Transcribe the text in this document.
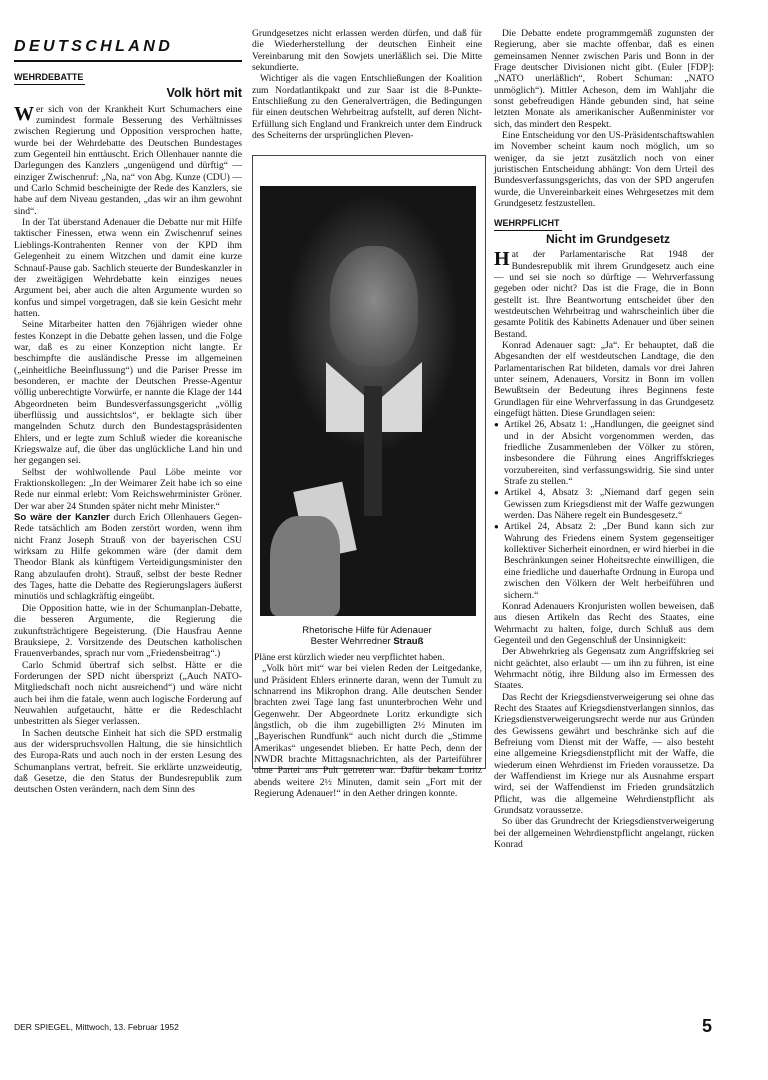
DEUTSCHLAND
WEHRDEBATTE
Volk hört mit

Wer sich von der Krankheit Kurt Schumachers eine zumindest formale Besserung des Verhältnisses zwischen Regierung und Opposition versprochen hatte, wurde bei der Wehrdebatte des Deutschen Bundestages zum Gegenteil hin enttäuscht. Erich Ollenhauer nannte die Darlegungen des Kanzlers „ungenügend und dürftig“ — einziger Zwischenruf: „Na, na“ von Abg. Kunze (CDU) — und Carlo Schmid bescheinigte der Rede des Kanzlers, sie habe auf dem Niveau gestanden, „das wir an ihm gewohnt sind“.

In der Tat überstand Adenauer die Debatte nur mit Hilfe taktischer Finessen, etwa wenn ein Zwischenruf seines Lieblings-Kontrahenten Renner von der KPD ihm Gelegenheit zu einem Witzchen und damit eine kurze Schnauf-Pause gab. Sachlich steuerte der Bundeskanzler in der zweitägigen Wehrdebatte kein einziges neues Argument bei, aber auch die alten Argumente wurden so konfus und simpel vorgetragen, daß sie kein Gesicht mehr hatten.

Seine Mitarbeiter hatten den 76jährigen wieder ohne festes Konzept in die Debatte gehen lassen, und die Folge war, daß es zu einer Konzeption nicht langte. Er beschimpfte die ausländische Presse im allgemeinen („einheitliche Beeinflussung“) und die Pariser Presse im besonderen, er machte der Deutschen Presse-Agentur völlig unberechtigte Vorwürfe, er nannte die Klage der 144 Abgeordneten beim Bundesverfassungsgericht „völlig überflüssig und aussichtslos“, er beklagte sich über mangelnden Schutz durch den Bundestagspräsidenten Ehlers, und er legte zum Schluß wieder die koreanische Kriegswalze auf, die über das unglückliche Land hin und her gegangen sei.

Selbst der wohlwollende Paul Löbe meinte vor Fraktionskollegen: „In der Weimarer Zeit habe ich so eine Rede nur einmal erlebt: Vom Reichswehrminister Gröner. Der war aber 24 Stunden später nicht mehr Minister.“

So wäre der Kanzler durch Erich Ollenhauers Gegen-Rede tatsächlich am Boden zerstört worden, wenn ihm nicht Franz Joseph Strauß von der bayerischen CSU wirksam zu Hilfe gekommen wäre (der damit dem Theodor Blank als künftigem Verteidigungsminister den Rang abzulaufen droht). Strauß, selbst der beste Redner des Tages, hatte die Debatte des Regierungslagers äußerst minutiös und schlagkräftig eingeübt.

Die Opposition hatte, wie in der Schumanplan-Debatte, die besseren Argumente, die Regierung die zukunftsträchtigere Begeisterung. (Die Hausfrau Aenne Brauksiepe, 2. Vorsitzende des Deutschen katholischen Frauenverbandes, sprach nur vom „Friedensbeitrag“.)

Carlo Schmid übertraf sich selbst. Hätte er die Forderungen der SPD nicht übersprizt („Auch NATO-Mitgliedschaft noch nicht ausreichend“) und wäre nicht auch bei ihm die fatale, wenn auch logische Forderung auf Neuwahlen aufgetaucht, hätte er die Redeschlacht unbestritten als Sieger verlassen.

In Sachen deutsche Einheit hat sich die SPD erstmalig aus der widerspruchsvollen Haltung, die sie hinsichtlich des Europa-Rats und auch noch in der ersten Lesung des Schumanplans vertrat, befreit. Sie erklärte unzweideutig, daß Gesetze, die den Status der Bundesrepublik zum deutschen Osten verändern, nach dem Sinn des

Grundgesetzes nicht erlassen werden dürfen, und daß für die Wiederherstellung der deutschen Einheit eine Vereinbarung mit den Sowjets unerläßlich sei. Die Mitte sekundierte.

Wichtiger als die vagen Entschließungen der Koalition zum Nordatlantikpakt und zur Saar ist die 8-Punkte-Entschließung zu den Generalverträgen, die Bedingungen für einen deutschen Wehrbeitrag aufstellt, auf deren Nicht-Erfüllung sich England und Frankreich unter dem Eindruck des Scheiterns der ursprünglichen Pleven-

Rhetorische Hilfe für Adenauer
Bester Wehrredner Strauß

Pläne erst kürzlich wieder neu verpflichtet haben.

„Volk hört mit“ war bei vielen Reden der Leitgedanke, und Präsident Ehlers erinnerte daran, wenn der Tumult zu schnarrend ins Mikrophon drang. Alle deutschen Sender brachten zwei Tage lang fast ununterbrochen Wehr und Gegenwehr. Der Abgeordnete Loritz erkundigte sich ängstlich, ob die ihm zugebilligten 2½ Minuten im „Bayerischen Rundfunk“ auch nicht durch die „Stimme Amerikas“ ungesendet blieben. Er hatte Pech, denn der NWDR brachte Mittagsnachrichten, als der Parteiführer ohne Partei ans Pult getreten war. Dafür bekam Loritz abends weitere 2½ Minuten, damit sein „Fort mit der Regierung Adenauer!“ in den Aether dringen konnte.

Die Debatte endete programmgemäß zugunsten der Regierung, aber sie machte offenbar, daß es einen gemeinsamen Nenner zwischen Paris und Bonn in der Frage deutscher Divisionen nicht gibt. (Euler [FDP]: „NATO unerläßlich“, Robert Schuman: „NATO unmöglich“). Mittler Acheson, dem im Wahljahr die sonst gebefreudigen Hände gebunden sind, hat seine letzten Monate als amerikanischer Außenminister vor sich, das mindert den Respekt.

Eine Entscheidung vor den US-Präsidentschaftswahlen im November scheint kaum noch möglich, um so weniger, da sie jetzt zusätzlich noch von einer juristischen Entscheidung abhängt: Von dem Urteil des Bundesverfassungsgerichts, das von der SPD angerufen wurde, die Unvereinbarkeit eines Wehrgesetzes mit dem Grundgesetz festzustellen.

WEHRPFLICHT
Nicht im Grundgesetz

Hat der Parlamentarische Rat 1948 der Bundesrepublik mit ihrem Grundgesetz auch eine — und sei sie noch so dürftige — Wehrverfassung gegeben oder nicht? Das ist die Frage, die in Bonn gestellt ist. Ihre Beantwortung entscheidet über den westdeutschen Wehrbeitrag und wahrscheinlich über die gesamte Politik des Kabinetts Adenauer und über seinen Bestand.

Konrad Adenauer sagt: „Ja“. Er behauptet, daß die Abgesandten der elf westdeutschen Landtage, die den Parlamentarischen Rat bildeten, damals vor drei Jahren unter seinem, Adenauers, Vorsitz in Bonn im vollen Bewußtsein der Bedeutung ihres Beginnens feste Grundlagen für eine Wehrverfassung in das Grundgesetz eingefügt hätten. Diese Grundlagen seien:

● Artikel 26, Absatz 1: „Handlungen, die geeignet sind und in der Absicht vorgenommen werden, das friedliche Zusammenleben der Völker zu stören, insbesondere die Führung eines Angriffskrieges vorzubereiten, sind verfassungswidrig. Sie sind unter Strafe zu stellen.“

● Artikel 4, Absatz 3: „Niemand darf gegen sein Gewissen zum Kriegsdienst mit der Waffe gezwungen werden. Das Nähere regelt ein Bundesgesetz.“

● Artikel 24, Absatz 2: „Der Bund kann sich zur Wahrung des Friedens einem System gegenseitiger kollektiver Sicherheit einordnen, er wird hierbei in die Beschränkungen seiner Hoheitsrechte einwilligen, die eine friedliche und dauerhafte Ordnung in Europa und zwischen den Völkern der Welt herbeiführen und sichern.“

Konrad Adenauers Kronjuristen wollen beweisen, daß aus diesen Artikeln das Recht des Staates, eine Wehrmacht zu halten, folge, durch Schluß aus dem Gegenteil und den Gegenschluß der Unsinnigkeit:

Der Abwehrkrieg als Gegensatz zum Angriffskrieg sei nicht geächtet, also erlaubt — um ihn zu führen, ist eine Wehrmacht nötig, ihre Bildung also im Ermessen des Staates.

Das Recht der Kriegsdienstverweigerung sei ohne das Recht des Staates auf Kriegsdienstverlangen sinnlos, das Kriegsdienstverweigerungsrecht werde nur aus Gründen des Gewissens gewährt und beschränke sich auf die Befreiung vom Dienst mit der Waffe, — also besteht eine allgemeine Kriegsdienstpflicht mit der Waffe, die wiederum einen Wehrdienst im Frieden voraussetze. Da der Waffendienst im Kriege nur als Ausnahme erspart wird, sei der Waffendienst im Frieden grundsätzlich Pflicht, was die allgemeine Wehrdienstpflicht als Grundsatz voraussetze.

So über das Grundrecht der Kriegsdienstverweigerung bei der allgemeinen Wehrdienstpflicht angelangt, rücken Konrad

DER SPIEGEL, Mittwoch, 13. Februar 1952	5
